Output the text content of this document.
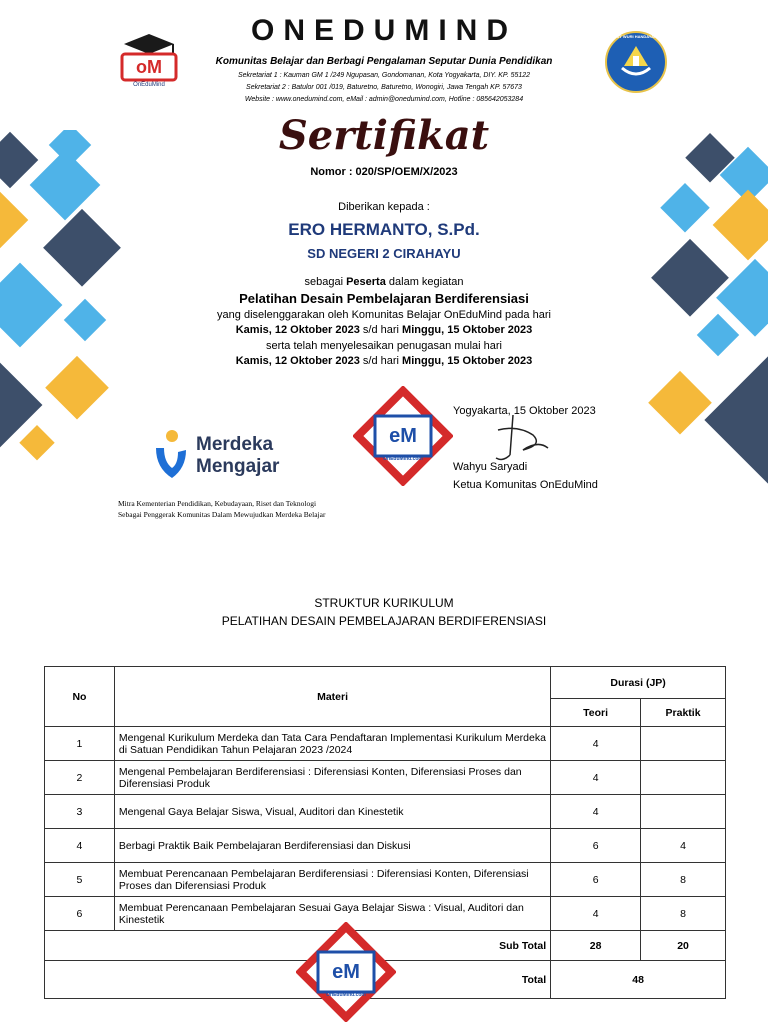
oM
OnEduMind
TUT WURI HANDAYANI
ONEDUMIND
Komunitas Belajar dan Berbagi Pengalaman Seputar Dunia Pendidikan
Sekretariat 1 : Kauman GM 1 /249 Ngupasan, Gondomanan, Kota Yogyakarta, DIY. KP. 55122
Sekretariat 2 : Batulor 001 /019, Baturetno, Baturetno, Wonogiri, Jawa Tengah KP. 57673
Website : www.onedumind.com, eMail : admin@onedumind.com, Hotline : 085642053284
Sertifikat
Nomor : 020/SP/OEM/X/2023
Diberikan kepada :
ERO HERMANTO, S.Pd.
SD NEGERI 2 CIRAHAYU
sebagai Peserta dalam kegiatan
Pelatihan Desain Pembelajaran Berdiferensiasi
yang diselenggarakan oleh Komunitas Belajar OnEduMind pada hari
Kamis, 12 Oktober 2023 s/d hari Minggu, 15 Oktober 2023
serta telah menyelesaikan penugasan mulai hari
Kamis, 12 Oktober 2023 s/d hari Minggu, 15 Oktober 2023
Merdeka
Mengajar
Mitra Kementerian Pendidikan, Kebudayaan, Riset dan Teknologi
Sebagai Penggerak Komunitas Dalam Mewujudkan Merdeka Belajar
eM
OnEduMind.com
Yogyakarta, 15 Oktober 2023
Wahyu Saryadi
Ketua Komunitas OnEduMind
STRUKTUR KURIKULUM
PELATIHAN DESAIN PEMBELAJARAN BERDIFERENSIASI
No	Materi	Durasi (JP)	
		Teori	Praktik
1	Mengenal Kurikulum Merdeka dan Tata Cara Pendaftaran Implementasi Kurikulum Merdeka di Satuan Pendidikan Tahun Pelajaran 2023 /2024	4	
2	Mengenal Pembelajaran Berdiferensiasi : Diferensiasi Konten, Diferensiasi Proses dan Diferensiasi Produk	4	
3	Mengenal Gaya Belajar Siswa, Visual, Auditori dan Kinestetik	4	
4	Berbagi Praktik Baik Pembelajaran Berdiferensiasi dan Diskusi	6	4
5	Membuat Perencanaan Pembelajaran Berdiferensiasi : Diferensiasi Konten, Diferensiasi Proses dan Diferensiasi Produk	6	8
6	Membuat Perencanaan Pembelajaran Sesuai Gaya Belajar Siswa : Visual, Auditori dan Kinestetik	4	8
Sub Total		28	20
Total		48	
eM
OnEduMind.com
